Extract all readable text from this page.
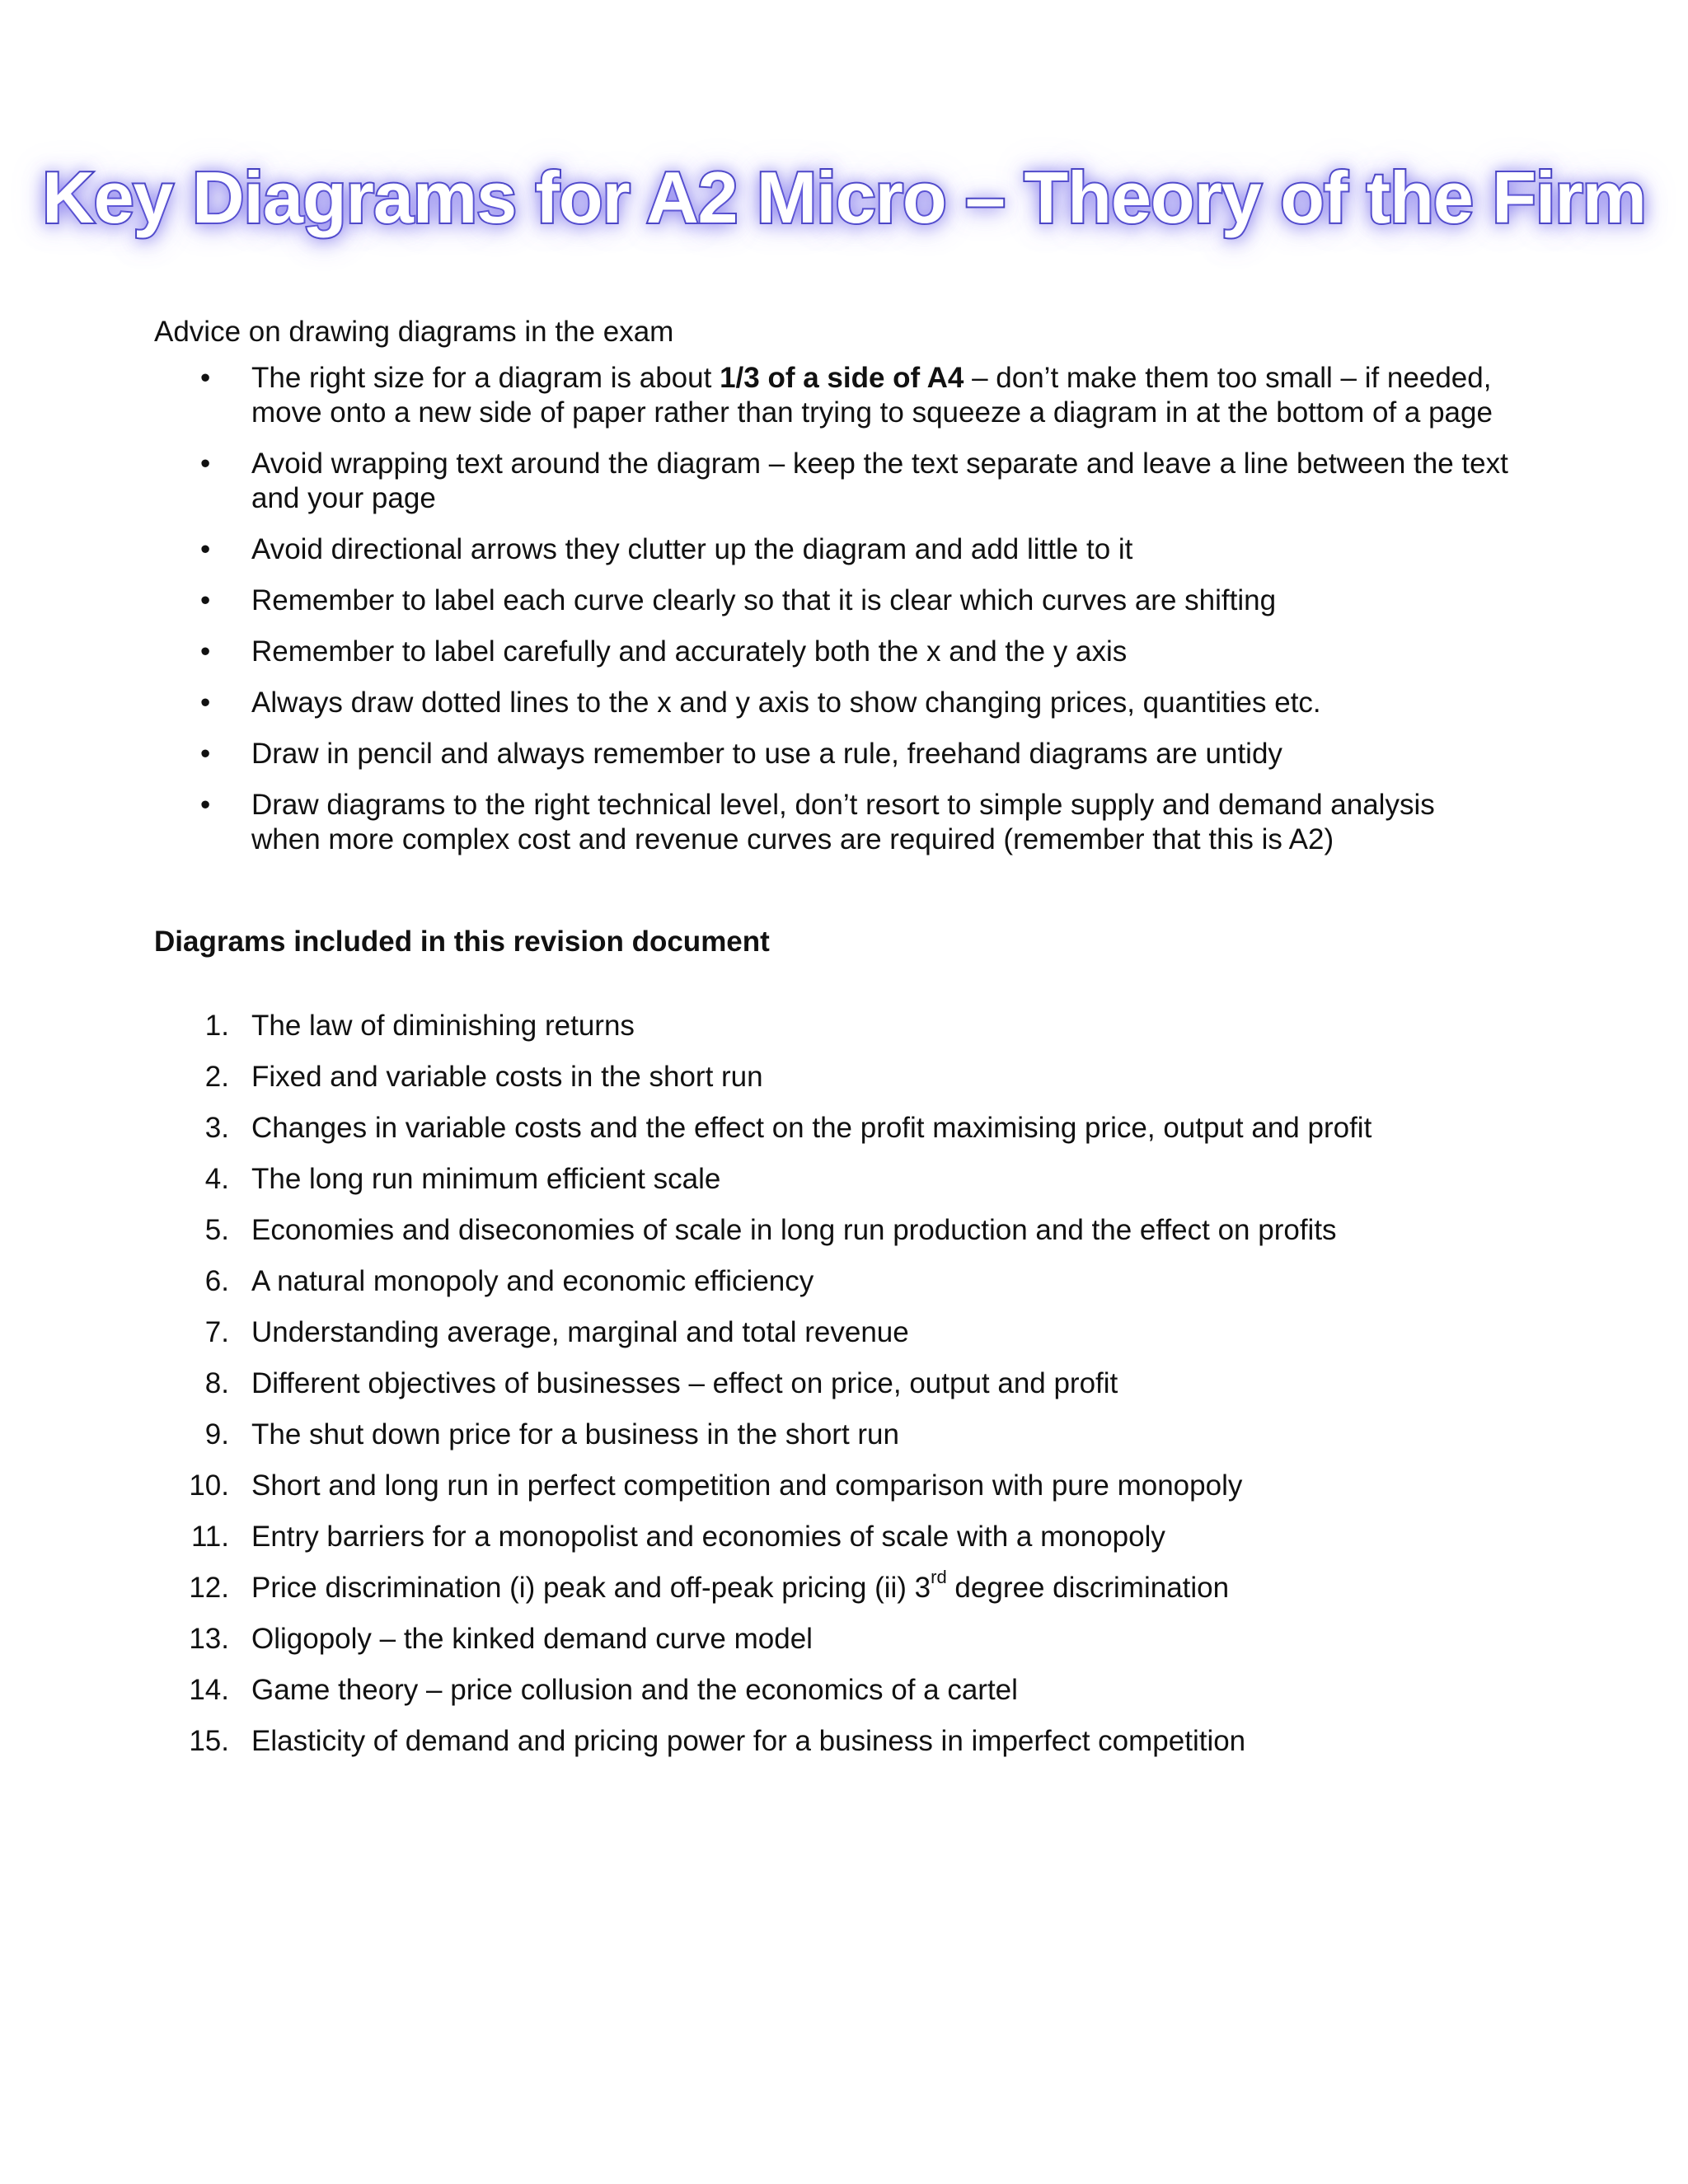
Key Diagrams for A2 Micro – Theory of the Firm
Advice on drawing diagrams in the exam
• The right size for a diagram is about 1/3 of a side of A4 – don’t make them too small – if needed, move onto a new side of paper rather than trying to squeeze a diagram in at the bottom of a page
• Avoid wrapping text around the diagram – keep the text separate and leave a line between the text and your page
• Avoid directional arrows they clutter up the diagram and add little to it
• Remember to label each curve clearly so that it is clear which curves are shifting
• Remember to label carefully and accurately both the x and the y axis
• Always draw dotted lines to the x and y axis to show changing prices, quantities etc.
• Draw in pencil and always remember to use a rule, freehand diagrams are untidy
• Draw diagrams to the right technical level, don’t resort to simple supply and demand analysis when more complex cost and revenue curves are required (remember that this is A2)
Diagrams included in this revision document
1. The law of diminishing returns
2. Fixed and variable costs in the short run
3. Changes in variable costs and the effect on the profit maximising price, output and profit
4. The long run minimum efficient scale
5. Economies and diseconomies of scale in long run production and the effect on profits
6. A natural monopoly and economic efficiency
7. Understanding average, marginal and total revenue
8. Different objectives of businesses – effect on price, output and profit
9. The shut down price for a business in the short run
10. Short and long run in perfect competition and comparison with pure monopoly
11. Entry barriers for a monopolist and economies of scale with a monopoly
12. Price discrimination (i) peak and off-peak pricing (ii) 3rd degree discrimination
13. Oligopoly – the kinked demand curve model
14. Game theory – price collusion and the economics of a cartel
15. Elasticity of demand and pricing power for a business in imperfect competition
